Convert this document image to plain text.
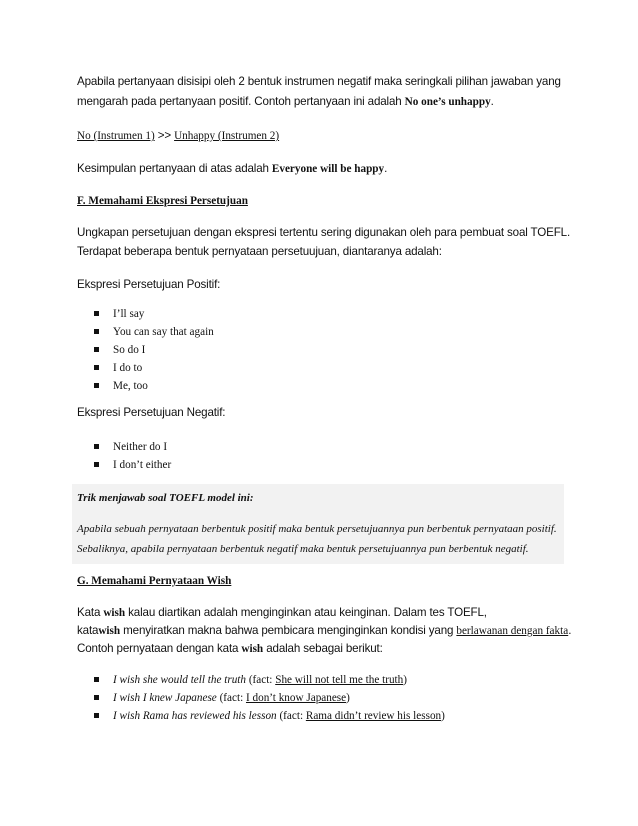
Apabila pertanyaan disisipi oleh 2 bentuk instrumen negatif maka seringkali pilihan jawaban yang
mengarah pada pertanyaan positif. Contoh pertanyaan ini adalah No one’s unhappy.
No (Instrumen 1) >> Unhappy (Instrumen 2)
Kesimpulan pertanyaan di atas adalah Everyone will be happy.
F. Memahami Ekspresi Persetujuan
Ungkapan persetujuan dengan ekspresi tertentu sering digunakan oleh para pembuat soal TOEFL.
Terdapat beberapa bentuk pernyataan persetuujuan, diantaranya adalah:
Ekspresi Persetujuan Positif:
I’ll say
You can say that again
So do I
I do to
Me, too
Ekspresi Persetujuan Negatif:
Neither do I
I don’t either
Trik menjawab soal TOEFL model ini:
Apabila sebuah pernyataan berbentuk positif maka bentuk persetujuannya pun berbentuk pernyataan positif.
Sebaliknya, apabila pernyataan berbentuk negatif maka bentuk persetujuannya pun berbentuk negatif.
G. Memahami Pernyataan Wish
Kata wish kalau diartikan adalah menginginkan atau keinginan. Dalam tes TOEFL,
katawish menyiratkan makna bahwa pembicara menginginkan kondisi yang berlawanan dengan fakta.
Contoh pernyataan dengan kata wish adalah sebagai berikut:
I wish she would tell the truth (fact: She will not tell me the truth)
I wish I knew Japanese (fact: I don’t know Japanese)
I wish Rama has reviewed his lesson (fact: Rama didn’t review his lesson)
